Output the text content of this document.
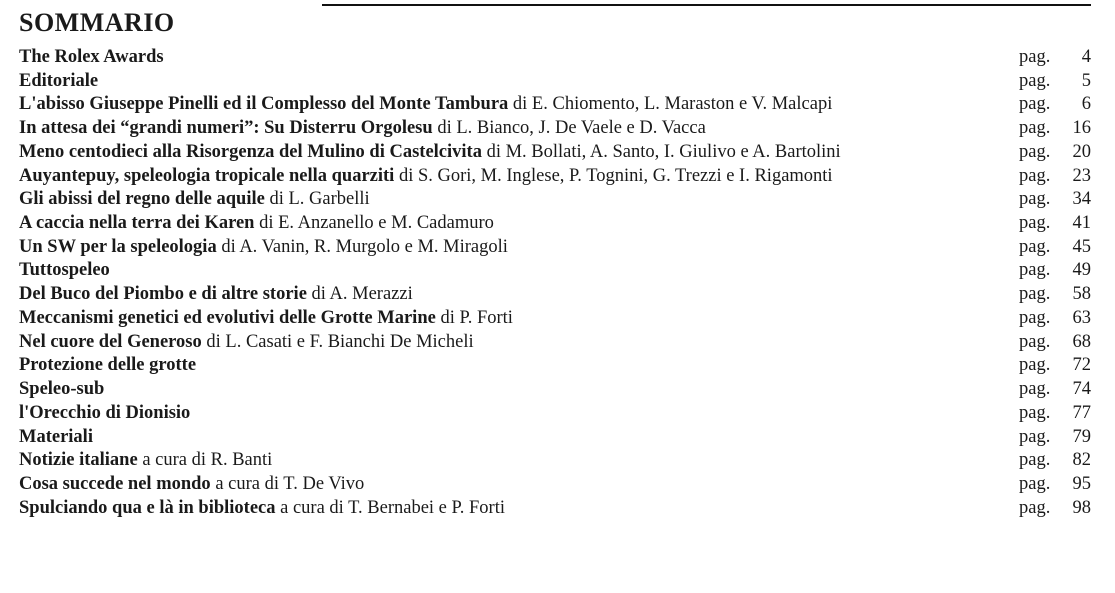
SOMMARIO
The Rolex Awards	pag.	4
Editoriale	pag.	5
L'abisso Giuseppe Pinelli ed il Complesso del Monte Tambura di E. Chiomento, L. Maraston e V. Malcapi	pag.	6
In attesa dei “grandi numeri”: Su Disterru Orgolesu di L. Bianco, J. De Vaele e D. Vacca	pag. 16
Meno centodieci alla Risorgenza del Mulino di Castelcivita di M. Bollati, A. Santo, I. Giulivo e A. Bartolini	pag. 20
Auyantepuy, speleologia tropicale nella quarziti di S. Gori, M. Inglese, P. Tognini, G. Trezzi e I. Rigamonti	pag. 23
Gli abissi del regno delle aquile di L. Garbelli	pag. 34
A caccia nella terra dei Karen di E. Anzanello e M. Cadamuro	pag. 41
Un SW per la speleologia di A. Vanin, R. Murgolo e M. Miragoli	pag. 45
Tuttospeleo	pag. 49
Del Buco del Piombo e di altre storie di A. Merazzi	pag. 58
Meccanismi genetici ed evolutivi delle Grotte Marine di P. Forti	pag. 63
Nel cuore del Generoso di L. Casati e F. Bianchi De Micheli	pag. 68
Protezione delle grotte	pag. 72
Speleo-sub	pag. 74
l'Orecchio di Dionisio	pag. 77
Materiali	pag. 79
Notizie italiane a cura di R. Banti	pag. 82
Cosa succede nel mondo a cura di T. De Vivo	pag. 95
Spulciando qua e là in biblioteca a cura di T. Bernabei e P. Forti	pag. 98
